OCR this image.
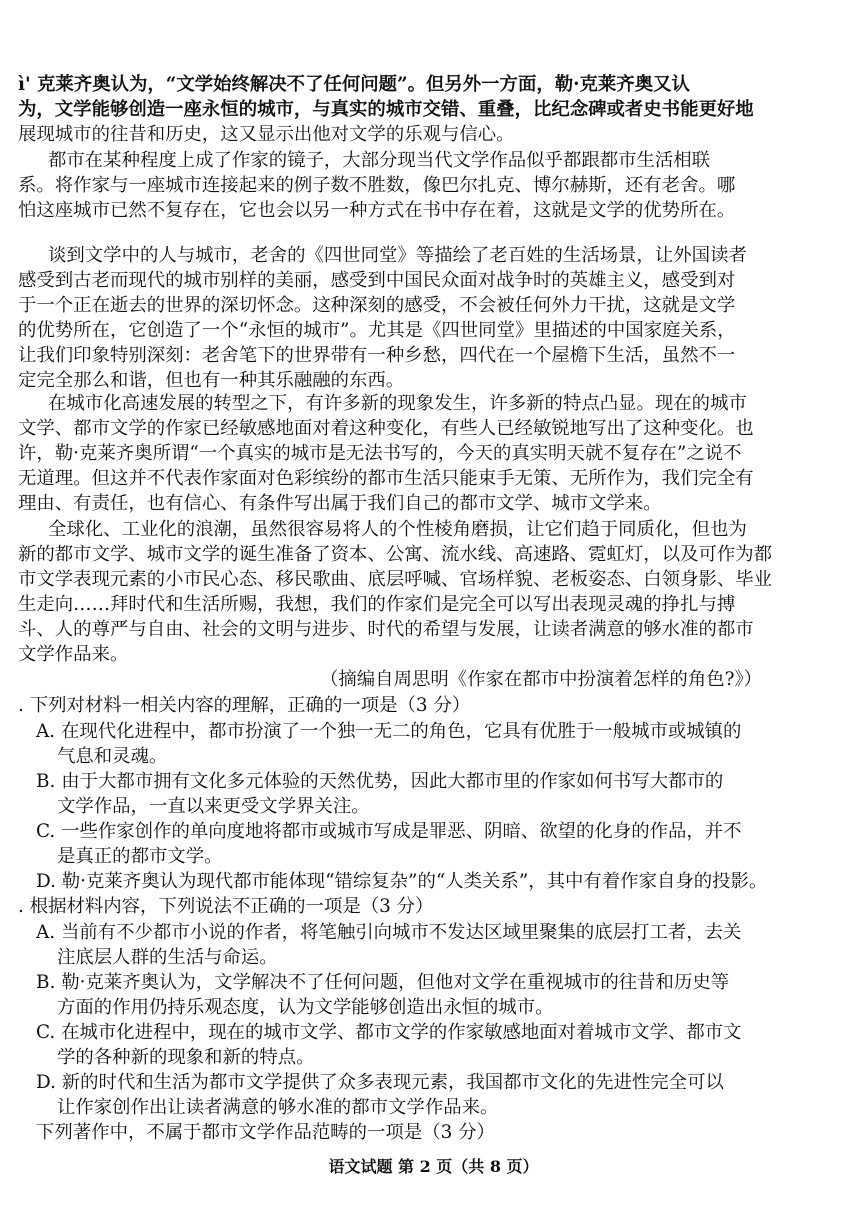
ì' 克莱齐奥认为，“文学始终解决不了任何问题”。但另外一方面，勒·克莱齐奥又认
为，文学能够创造一座永恒的城市，与真实的城市交错、重叠，比纪念碑或者史书能更好地
展现城市的往昔和历史，这又显示出他对文学的乐观与信心。
都市在某种程度上成了作家的镜子，大部分现当代文学作品似乎都跟都市生活相联
系。将作家与一座城市连接起来的例子数不胜数，像巴尔扎克、博尔赫斯，还有老舍。哪
怕这座城市已然不复存在，它也会以另一种方式在书中存在着，这就是文学的优势所在。
谈到文学中的人与城市，老舍的《四世同堂》等描绘了老百姓的生活场景，让外国读者
感受到古老而现代的城市别样的美丽，感受到中国民众面对战争时的英雄主义，感受到对
于一个正在逝去的世界的深切怀念。这种深刻的感受，不会被任何外力干扰，这就是文学
的优势所在，它创造了一个“永恒的城市”。尤其是《四世同堂》里描述的中国家庭关系，
让我们印象特别深刻：老舍笔下的世界带有一种乡愁，四代在一个屋檐下生活，虽然不一
定完全那么和谐，但也有一种其乐融融的东西。
在城市化高速发展的转型之下，有许多新的现象发生，许多新的特点凸显。现在的城市
文学、都市文学的作家已经敏感地面对着这种变化，有些人已经敏锐地写出了这种变化。也
许，勒·克莱齐奥所谓“一个真实的城市是无法书写的，今天的真实明天就不复存在”之说不
无道理。但这并不代表作家面对色彩缤纷的都市生活只能束手无策、无所作为，我们完全有
理由、有责任，也有信心、有条件写出属于我们自己的都市文学、城市文学来。
全球化、工业化的浪潮，虽然很容易将人的个性棱角磨损，让它们趋于同质化，但也为
新的都市文学、城市文学的诞生准备了资本、公寓、流水线、高速路、霓虹灯，以及可作为都
市文学表现元素的小市民心态、移民歌曲、底层呼喊、官场样貌、老板姿态、白领身影、毕业
生走向……拜时代和生活所赐，我想，我们的作家们是完全可以写出表现灵魂的挣扎与搏
斗、人的尊严与自由、社会的文明与进步、时代的希望与发展，让读者满意的够水准的都市
文学作品来。
（摘编自周思明《作家在都市中扮演着怎样的角色?》）
. 下列对材料一相关内容的理解，正确的一项是（3 分）
A. 在现代化进程中，都市扮演了一个独一无二的角色，它具有优胜于一般城市或城镇的
气息和灵魂。
B. 由于大都市拥有文化多元体验的天然优势，因此大都市里的作家如何书写大都市的
文学作品，一直以来更受文学界关注。
C. 一些作家创作的单向度地将都市或城市写成是罪恶、阴暗、欲望的化身的作品，并不
是真正的都市文学。
D. 勒·克莱齐奥认为现代都市能体现“错综复杂”的“人类关系”，其中有着作家自身的投影。
. 根据材料内容，下列说法不正确的一项是（3 分）
A. 当前有不少都市小说的作者，将笔触引向城市不发达区域里聚集的底层打工者，去关
注底层人群的生活与命运。
B. 勒·克莱齐奥认为，文学解决不了任何问题，但他对文学在重视城市的往昔和历史等
方面的作用仍持乐观态度，认为文学能够创造出永恒的城市。
C. 在城市化进程中，现在的城市文学、都市文学的作家敏感地面对着城市文学、都市文
学的各种新的现象和新的特点。
D. 新的时代和生活为都市文学提供了众多表现元素，我国都市文化的先进性完全可以
让作家创作出让读者满意的够水准的都市文学作品来。
下列著作中，不属于都市文学作品范畴的一项是（3 分）
语文试题 第 2 页（共 8 页）
